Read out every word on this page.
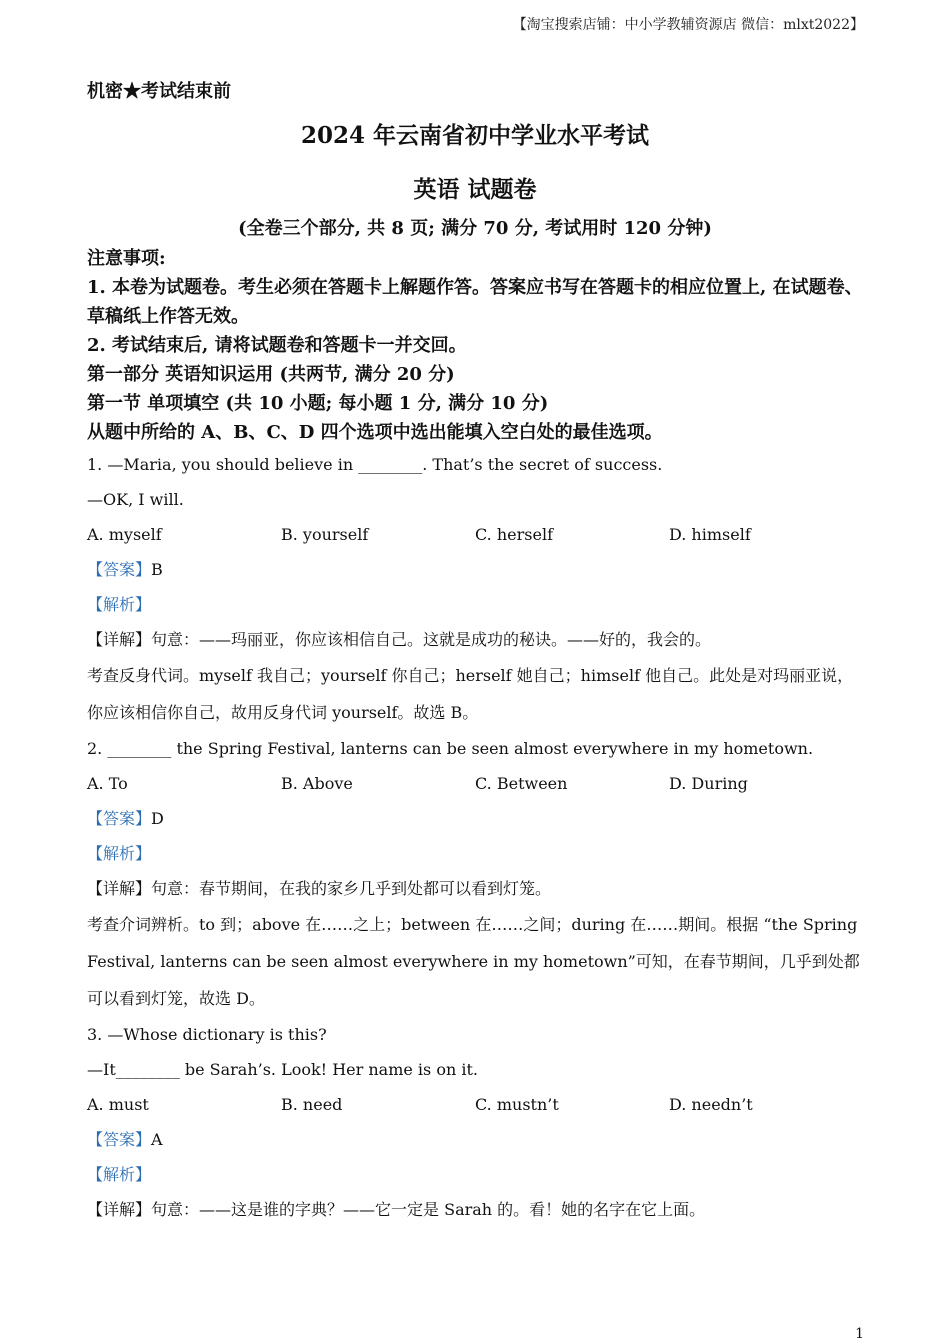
【淘宝搜索店铺：中小学教辅资源店 微信：mlxt2022】

机密★考试结束前

2024 年云南省初中学业水平考试

英语 试题卷

(全卷三个部分, 共 8 页; 满分 70 分, 考试用时 120 分钟)

注意事项:

1. 本卷为试题卷。考生必须在答题卡上解题作答。答案应书写在答题卡的相应位置上, 在试题卷、草稿纸上作答无效。

2. 考试结束后, 请将试题卷和答题卡一并交回。

第一部分 英语知识运用 (共两节, 满分 20 分)

第一节 单项填空 (共 10 小题; 每小题 1 分, 满分 10 分)

从题中所给的 A、B、C、D 四个选项中选出能填入空白处的最佳选项。

1. —Maria, you should believe in ________. That’s the secret of success.

—OK, I will.

A. myself	B. yourself	C. herself	D. himself

【答案】B

【解析】

【详解】句意：——玛丽亚，你应该相信自己。这就是成功的秘诀。——好的，我会的。

考查反身代词。myself 我自己；yourself 你自己；herself 她自己；himself 他自己。此处是对玛丽亚说，你应该相信你自己，故用反身代词 yourself。故选 B。

2. ________ the Spring Festival, lanterns can be seen almost everywhere in my hometown.

A. To	B. Above	C. Between	D. During

【答案】D

【解析】

【详解】句意：春节期间，在我的家乡几乎到处都可以看到灯笼。

考查介词辨析。to 到；above 在……之上；between 在……之间；during 在……期间。根据 “the Spring Festival, lanterns can be seen almost everywhere in my hometown”可知，在春节期间，几乎到处都可以看到灯笼，故选 D。

3. —Whose dictionary is this?

—It________ be Sarah’s. Look! Her name is on it.

A. must	B. need	C. mustn’t	D. needn’t

【答案】A

【解析】

【详解】句意：——这是谁的字典？——它一定是 Sarah 的。看！她的名字在它上面。

1
